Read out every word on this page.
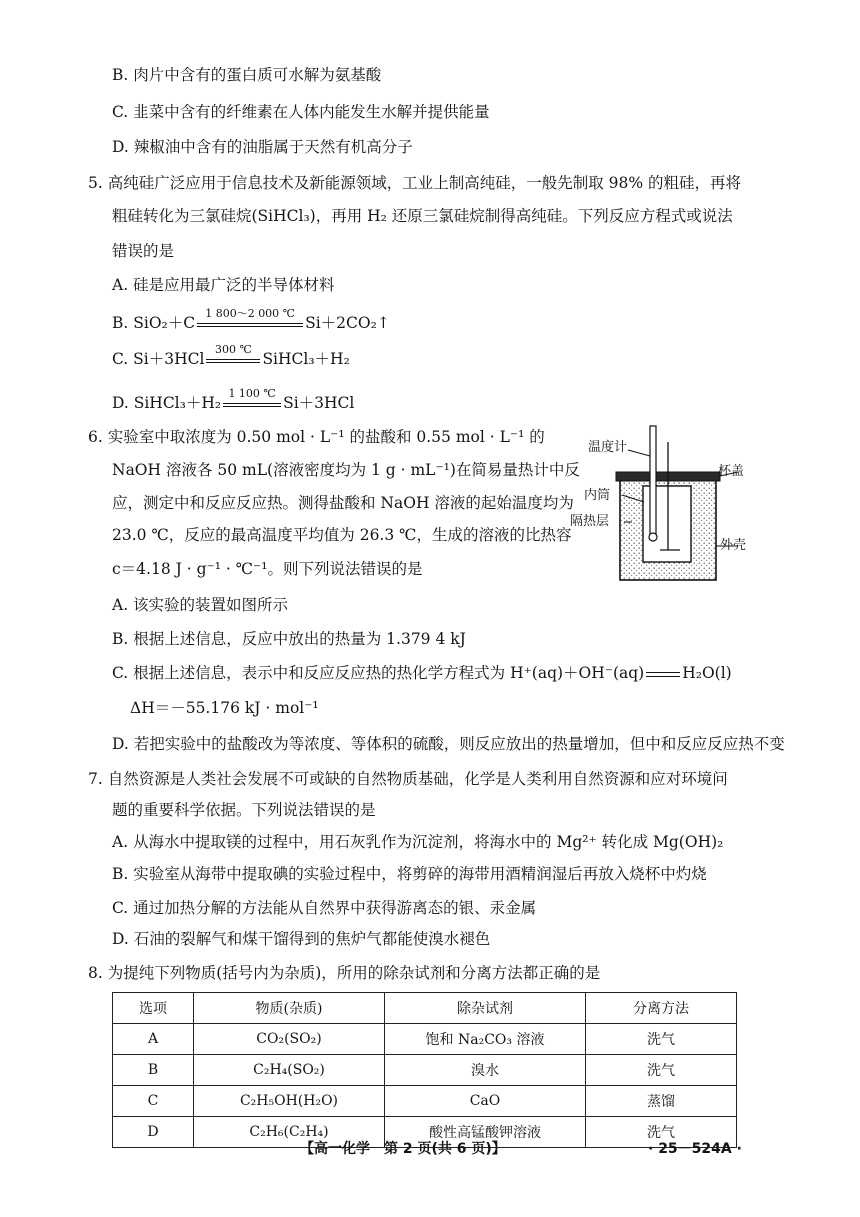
B. 肉片中含有的蛋白质可水解为氨基酸
C. 韭菜中含有的纤维素在人体内能发生水解并提供能量
D. 辣椒油中含有的油脂属于天然有机高分子
5. 高纯硅广泛应用于信息技术及新能源领域，工业上制高纯硅，一般先制取 98% 的粗硅，再将
粗硅转化为三氯硅烷(SiHCl₃)，再用 H₂ 还原三氯硅烷制得高纯硅。下列反应方程式或说法
错误的是
A. 硅是应用最广泛的半导体材料
B. SiO₂＋C
1 800～2 000 ℃
Si＋2CO₂↑
C. Si＋3HCl
300 ℃
SiHCl₃＋H₂
D. SiHCl₃＋H₂
1 100 ℃
Si＋3HCl
6. 实验室中取浓度为 0.50 mol · L⁻¹ 的盐酸和 0.55 mol · L⁻¹ 的
NaOH 溶液各 50 mL(溶液密度均为 1 g · mL⁻¹)在简易量热计中反
应，测定中和反应反应热。测得盐酸和 NaOH 溶液的起始温度均为
23.0 ℃，反应的最高温度平均值为 26.3 ℃，生成的溶液的比热容
c＝4.18 J · g⁻¹ · ℃⁻¹。则下列说法错误的是
温度计
杯盖
内筒
隔热层
外壳
A. 该实验的装置如图所示
B. 根据上述信息，反应中放出的热量为 1.379 4 kJ
C. 根据上述信息，表示中和反应反应热的热化学方程式为 H⁺(aq)＋OH⁻(aq) H₂O(l)
ΔH＝－55.176 kJ · mol⁻¹
D. 若把实验中的盐酸改为等浓度、等体积的硫酸，则反应放出的热量增加，但中和反应反应热不变
7. 自然资源是人类社会发展不可或缺的自然物质基础，化学是人类利用自然资源和应对环境问
题的重要科学依据。下列说法错误的是
A. 从海水中提取镁的过程中，用石灰乳作为沉淀剂，将海水中的 Mg²⁺ 转化成 Mg(OH)₂
B. 实验室从海带中提取碘的实验过程中，将剪碎的海带用酒精润湿后再放入烧杯中灼烧
C. 通过加热分解的方法能从自然界中获得游离态的银、汞金属
D. 石油的裂解气和煤干馏得到的焦炉气都能使溴水褪色
8. 为提纯下列物质(括号内为杂质)，所用的除杂试剂和分离方法都正确的是
选项	物质(杂质)	除杂试剂	分离方法
A	CO₂(SO₂)	饱和 Na₂CO₃ 溶液	洗气
B	C₂H₄(SO₂)	溴水	洗气
C	C₂H₅OH(H₂O)	CaO	蒸馏
D	C₂H₆(C₂H₄)	酸性高锰酸钾溶液	洗气
【高一化学　第 2 页(共 6 页)】	· 25－524A ·
